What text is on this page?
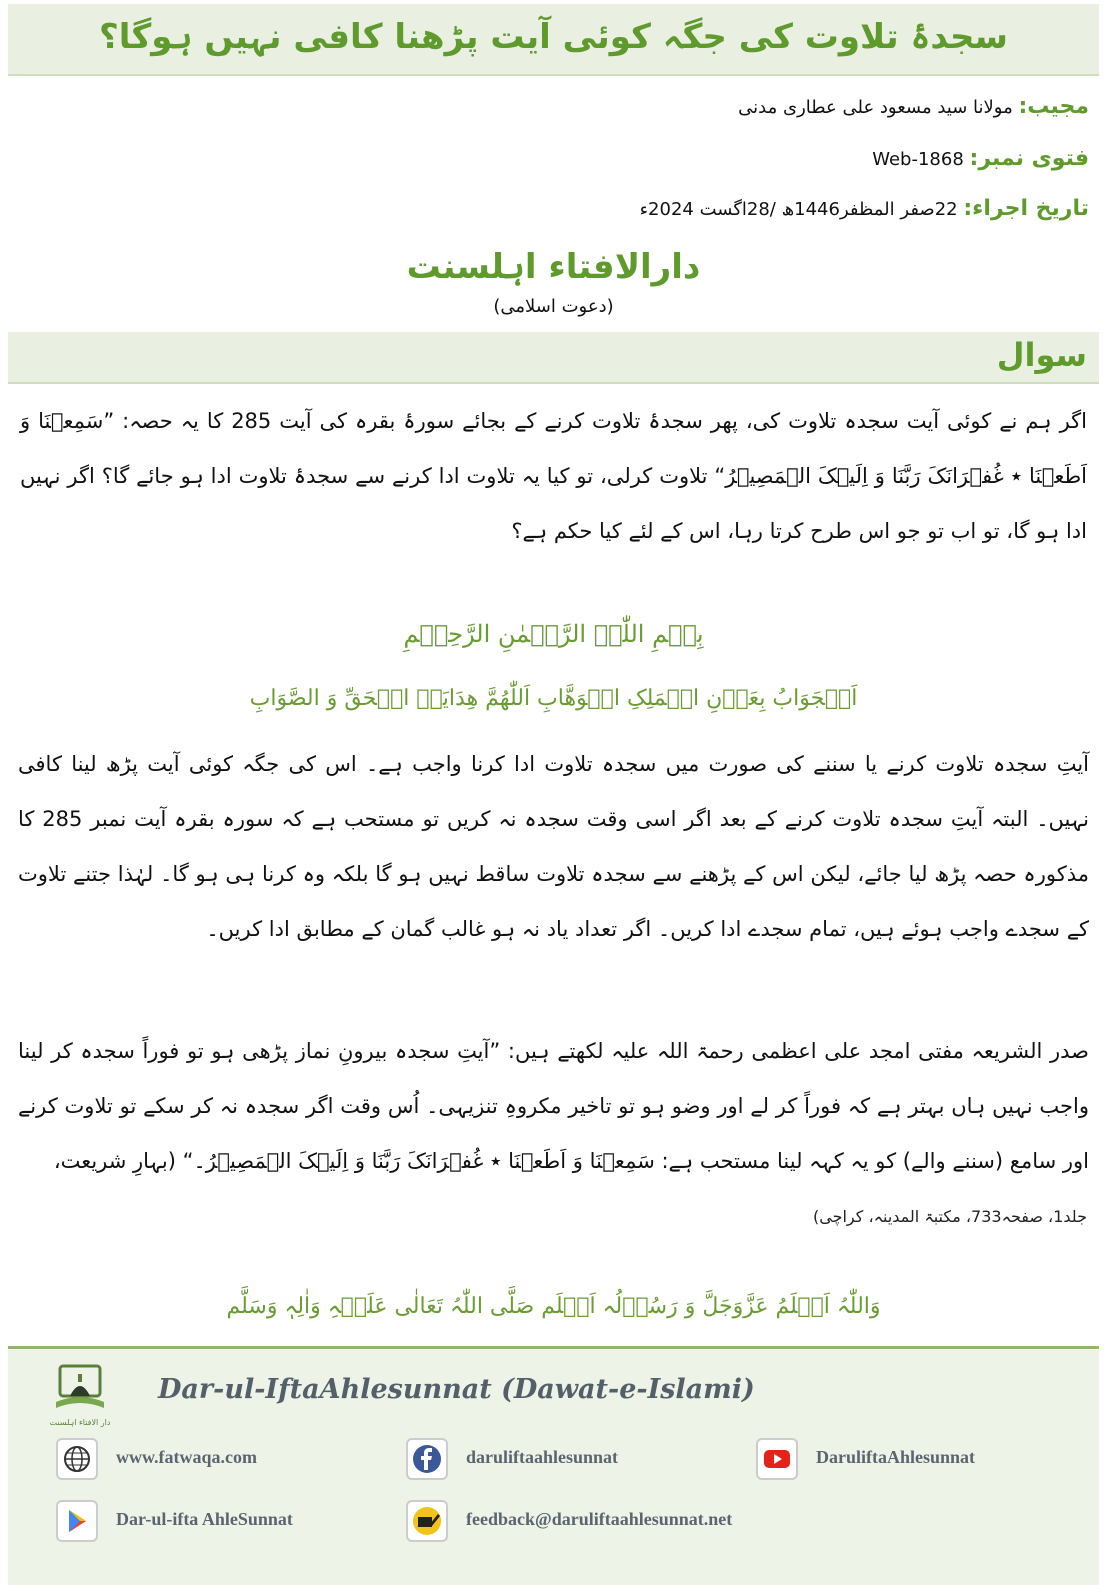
سجدۂ تلاوت کی جگہ کوئی آیت پڑھنا کافی نہیں ہوگا؟
مجیب: مولانا سید مسعود علی عطاری مدنی
فتوی نمبر: Web-1868
تاریخ اجراء: 22صفر المظفر1446ھ /28اگست 2024ء
دارالافتاء اہلسنت
(دعوت اسلامی)
سوال
اگر ہم نے کوئی آیت سجدہ تلاوت کی، پھر سجدۂ تلاوت کرنے کے بجائے سورۂ بقرہ کی آیت 285 کا یہ حصہ: ”سَمِعۡنَا وَ اَطَعۡنَا ٭ غُفۡرَانَکَ رَبَّنَا وَ اِلَیۡکَ الۡمَصِیۡرُ“ تلاوت کرلی، تو کیا یہ تلاوت ادا کرنے سے سجدۂ تلاوت ادا ہو جائے گا؟ اگر نہیں ادا ہو گا، تو اب تو جو اس طرح کرتا رہا، اس کے لئے کیا حکم ہے؟
بِسۡمِ اللّٰہِ الرَّحۡمٰنِ الرَّحِیۡمِ
اَلۡجَوَابُ بِعَوۡنِ الۡمَلِکِ الۡوَھَّابِ اَللّٰھُمَّ ھِدَایَۃَ الۡحَقِّ وَ الصَّوَابِ
آیتِ سجدہ تلاوت کرنے یا سننے کی صورت میں سجدہ تلاوت ادا کرنا واجب ہے۔ اس کی جگہ کوئی آیت پڑھ لینا کافی نہیں۔ البتہ آیتِ سجدہ تلاوت کرنے کے بعد اگر اسی وقت سجدہ نہ کریں تو مستحب ہے کہ سورہ بقرہ آیت نمبر 285 کا مذکورہ حصہ پڑھ لیا جائے، لیکن اس کے پڑھنے سے سجدہ تلاوت ساقط نہیں ہو گا بلکہ وہ کرنا ہی ہو گا۔ لہٰذا جتنے تلاوت کے سجدے واجب ہوئے ہیں، تمام سجدے ادا کریں۔ اگر تعداد یاد نہ ہو غالب گمان کے مطابق ادا کریں۔
صدر الشریعہ مفتی امجد علی اعظمی رحمۃ اللہ علیہ لکھتے ہیں: ”آیتِ سجدہ بیرونِ نماز پڑھی ہو تو فوراً سجدہ کر لینا واجب نہیں ہاں بہتر ہے کہ فوراً کر لے اور وضو ہو تو تاخیر مکروہِ تنزیہی۔ اُس وقت اگر سجدہ نہ کر سکے تو تلاوت کرنے اور سامع (سننے والے) کو یہ کہہ لینا مستحب ہے: سَمِعۡنَا وَ اَطَعۡنَا ٭ غُفۡرَانَکَ رَبَّنَا وَ اِلَیۡکَ الۡمَصِیۡرُ۔“ (بہارِ شریعت،
جلد1، صفحہ733، مکتبۃ المدینہ، کراچی)
وَاللّٰہُ اَعۡلَمُ عَزَّوَجَلَّ وَ رَسُوۡلُہ اَعۡلَم صَلَّی اللّٰہُ تَعَالٰی عَلَیۡہِ وَاٰلِہٖ وَسَلَّم
دار الافتاء اہلسنت
Dar-ul-IftaAhlesunnat (Dawat-e-Islami)
www.fatwaqa.com	daruliftaahlesunnat	DaruliftaAhlesunnat
Dar-ul-ifta AhleSunnat	feedback@daruliftaahlesunnat.net
